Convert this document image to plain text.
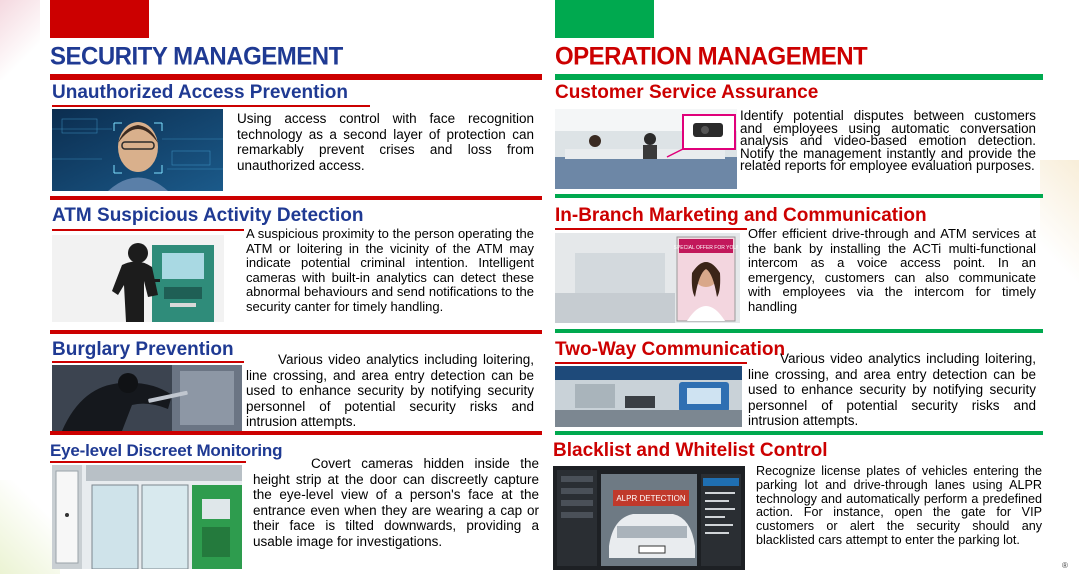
SECURITY MANAGEMENT
Unauthorized Access Prevention
Using access control with face recognition technology as a second layer of protection can remarkably prevent crises and loss from unauthorized access.
ATM Suspicious Activity Detection
A suspicious proximity to the person operating the ATM or loitering in the vicinity of the ATM may indicate potential criminal intention. Intelligent cameras with built-in analytics can detect these abnormal behaviours and send notifications to the security canter for timely handling.
Burglary Prevention	Various video analytics including loitering, line crossing, and area entry detection can be used to enhance security by notifying security personnel of potential security risks and intrusion attempts.
Eye-level Discreet Monitoring
Covert cameras hidden inside the height strip at the door can discreetly capture the eye-level view of a person's face at the entrance even when they are wearing a cap or their face is tilted downwards, providing a usable image for investigations.
OPERATION MANAGEMENT
Customer Service Assurance
Identify potential disputes between customers and employees using automatic conversation analysis and video-based emotion detection. Notify the management instantly and provide the related reports for employee evaluation purposes.
In-Branch Marketing and Communication
SPECIAL OFFER FOR YOU!
Offer efficient drive-through and ATM services at the bank by installing the ACTi multi-functional intercom as a voice access point. In an emergency, customers can also communicate with employees via the intercom for timely handling
Two-Way Communication
Various video analytics including loitering, line crossing, and area entry detection can be used to enhance security by notifying security personnel of potential security risks and intrusion attempts.
Blacklist and Whitelist Control
ALPR DETECTION
Recognize license plates of vehicles entering the parking lot and drive-through lanes using ALPR technology and automatically perform a predefined action. For instance, open the gate for VIP customers or alert the security should any blacklisted cars attempt to enter the parking lot.
®
